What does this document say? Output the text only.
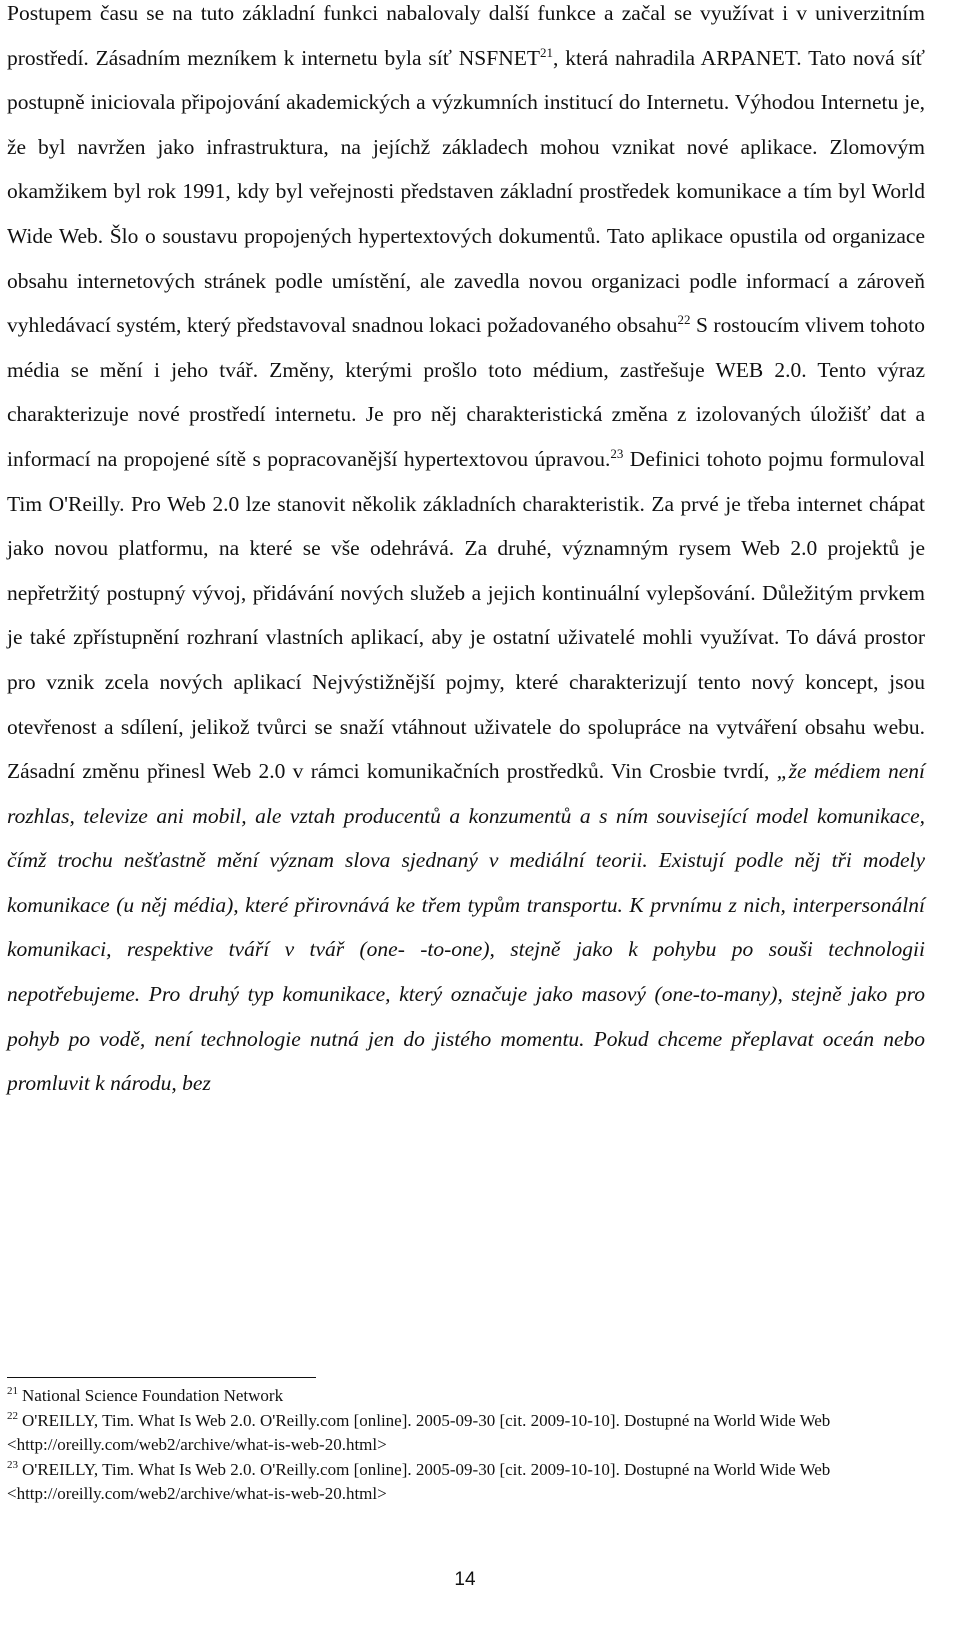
Postupem času se na tuto základní funkci nabalovaly další funkce a začal se využívat i v univerzitním prostředí. Zásadním mezníkem k internetu byla síť NSFNET$^{21}$, která nahradila ARPANET. Tato nová síť postupně iniciovala připojování akademických a výzkumních institucí do Internetu. Výhodou Internetu je, že byl navržen jako infrastruktura, na jejíchž základech mohou vznikat nové aplikace. Zlomovým okamžikem byl rok 1991, kdy byl veřejnosti představen základní prostředek komunikace a tím byl World Wide Web. Šlo o soustavu propojených hypertextových dokumentů. Tato aplikace opustila od organizace obsahu internetových stránek podle umístění, ale zavedla novou organizaci podle informací a zároveň vyhledávací systém, který představoval snadnou lokaci požadovaného obsahu$^{22}$ S rostoucím vlivem tohoto média se mění i jeho tvář. Změny, kterými prošlo toto médium, zastřešuje WEB 2.0. Tento výraz charakterizuje nové prostředí internetu. Je pro něj charakteristická změna z izolovaných úložišť dat a informací na propojené sítě s popracovanější hypertextovou úpravou.$^{23}$ Definici tohoto pojmu formuloval Tim O'Reilly. Pro Web 2.0 lze stanovit několik základních charakteristik. Za prvé je třeba internet chápat jako novou platformu, na které se vše odehrává. Za druhé, významným rysem Web 2.0 projektů je nepřetržitý postupný vývoj, přidávání nových služeb a jejich kontinuální vylepšování. Důležitým prvkem je také zpřístupnění rozhraní vlastních aplikací, aby je ostatní uživatelé mohli využívat. To dává prostor pro vznik zcela nových aplikací Nejvýstižnější pojmy, které charakterizují tento nový koncept, jsou otevřenost a sdílení, jelikož tvůrci se snaží vtáhnout uživatele do spolupráce na vytváření obsahu webu. Zásadní změnu přinesl Web 2.0 v rámci komunikačních prostředků. Vin Crosbie tvrdí, „že médiem není rozhlas, televize ani mobil, ale vztah producentů a konzumentů a s ním související model komunikace, čímž trochu nešťastně mění význam slova sjednaný v mediální teorii. Existují podle něj tři modely komunikace (u něj média), které přirovnává ke třem typům transportu. K prvnímu z nich, interpersonální komunikaci, respektive tváří v tvář (one- -to-one), stejně jako k pohybu po souši technologii nepotřebujeme. Pro druhý typ komunikace, který označuje jako masový (one-to-many), stejně jako pro pohyb po vodě, není technologie nutná jen do jistého momentu. Pokud chceme přeplavat oceán nebo promluvit k národu, bez

$^{21}$ National Science Foundation Network

$^{22}$ O'REILLY, Tim. What Is Web 2.0. O'Reilly.com [online]. 2005-09-30 [cit. 2009-10-10]. Dostupné na World Wide Web <http://oreilly.com/web2/archive/what-is-web-20.html>

$^{23}$ O'REILLY, Tim. What Is Web 2.0. O'Reilly.com [online]. 2005-09-30 [cit. 2009-10-10]. Dostupné na World Wide Web <http://oreilly.com/web2/archive/what-is-web-20.html>

14
